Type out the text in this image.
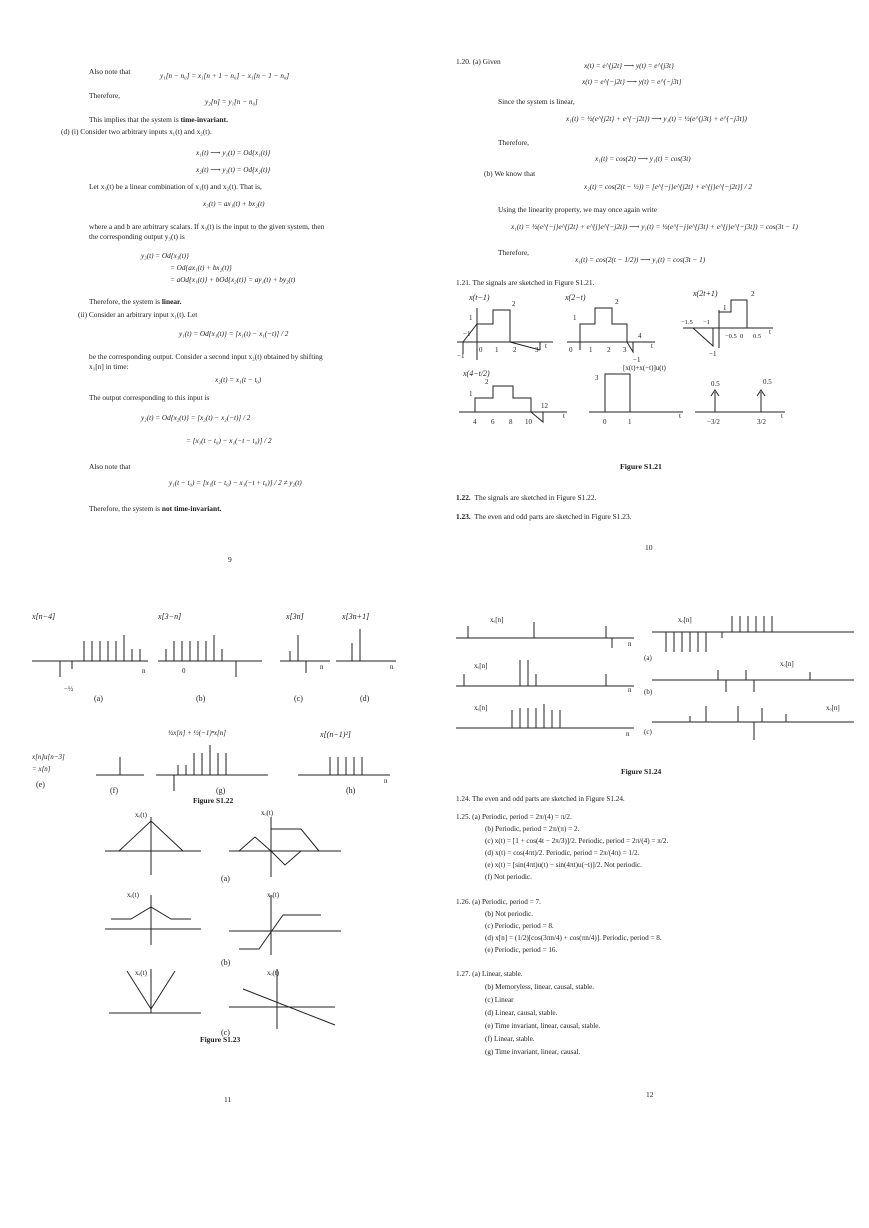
Also note that	y₁[n − n₀] = x₁[n + 1 − n₀] − x₁[n − 1 − n₀]
Therefore,
y₂[n] = y₁[n − n₀]
This implies that the system is time-invariant.
(d) (i) Consider two arbitrary inputs x₁(t) and x₂(t).
x₁(t) ⟶ y₁(t) = Od{x₁(t)}
x₂(t) ⟶ y₂(t) = Od{x₂(t)}
Let x₃(t) be a linear combination of x₁(t) and x₂(t). That is,
x₃(t) = ax₁(t) + bx₂(t)
where a and b are arbitrary scalars. If x₃(t) is the input to the given system, then
the corresponding output y₃(t) is
y₃(t) = Od{x₃(t)}
= Od{ax₁(t) + bx₂(t)}
= aOd{x₁(t)} + bOd{x₂(t)} = ay₁(t) + by₂(t)
Therefore, the system is linear.
(ii) Consider an arbitrary input x₁(t). Let
y₁(t) = Od{x₁(t)} = [x₁(t) − x₁(−t)] / 2
be the corresponding output. Consider a second input x₂(t) obtained by shifting
x₁[n] in time:
x₂(t) = x₁(t − t₀)
The output corresponding to this input is
y₂(t) = Od{x₂(t)} = [x₂(t) − x₂(−t)] / 2
= [x₁(t − t₀) − x₁(−t − t₀)] / 2
Also note that
y₁(t − t₀) = [x₁(t − t₀) − x₁(−t + t₀)] / 2 ≠ y₂(t)
Therefore, the system is not time-invariant.
9
1.20. (a) Given	x(t) = e^{j2t} ⟶ y(t) = e^{j3t}
x(t) = e^{−j2t} ⟶ y(t) = e^{−j3t}
Since the system is linear,
x₁(t) = ½(e^{j2t} + e^{−j2t}) ⟶ y₁(t) = ½(e^{j3t} + e^{−j3t})
Therefore,
x₁(t) = cos(2t) ⟶ y₁(t) = cos(3t)
(b) We know that
x₂(t) = cos(2(t − ½)) = [e^{−j}e^{j2t} + e^{j}e^{−j2t}] / 2
Using the linearity property, we may once again write
x₁(t) = ½(e^{−j}e^{j2t} + e^{j}e^{−j2t}) ⟶ y₁(t) = ½(e^{−j}e^{j3t} + e^{j}e^{−j3t}) = cos(3t − 1)
Therefore,
x₁(t) = cos(2(t − 1/2)) ⟶ y₁(t) = cos(3t − 1)
1.21. The signals are sketched in Figure S1.21.
x(t−1)
−1
0 1 2	3 t
2
1
−1
x(2−t)
0 1 2 3
4
t
2
1
−1
x(2t+1)
−1.5 −1
−0.5 0 0.5
t
2
1
−1
x(4−t/2)
4 6 8 10
12
t
2
1
[x(t)+x(−t)]u(t)
0	1
t
3
0.5	0.5
−3/2	3/2
t
Figure S1.21
1.22. The signals are sketched in Figure S1.22.
1.23. The even and odd parts are sketched in Figure S1.23.
10
x[n−4]
−½
n
(a)
x[3−n]
0
(b)
x[3n]
n
(c)
x[3n+1]
n
(d)
x[n]u[n−3]
= x[n]
(e)
(f)
½x[n] + ½(−1)ⁿx[n]
(g)
x[(n−1)²]
n
(h)
Figure S1.22
xₑ(t)	xₒ(t)
(a)
xₑ(t)	xₒ(t)
(b)
xₑ(t)	xₒ(t)
(c)
Figure S1.23
11
xₑ[n]
n
xₒ[n]
(a)
xₑ[n]
n
xₒ[n]
(b)
xₑ[n]
n
xₒ[n]
(c)
Figure S1.24
1.24. The even and odd parts are sketched in Figure S1.24.
1.25. (a) Periodic, period = 2π/(4) = π/2.
(b) Periodic, period = 2π/(π) = 2.
(c) x(t) = [1 + cos(4t − 2π/3)]/2. Periodic, period = 2π/(4) = π/2.
(d) x(t) = cos(4πt)/2. Periodic, period = 2π/(4π) = 1/2.
(e) x(t) = [sin(4πt)u(t) − sin(4πt)u(−t)]/2. Not periodic.
(f) Not periodic.
1.26. (a) Periodic, period = 7.
(b) Not periodic.
(c) Periodic, period = 8.
(d) x[n] = (1/2)[cos(3πn/4) + cos(πn/4)]. Periodic, period = 8.
(e) Periodic, period = 16.
1.27. (a) Linear, stable.
(b) Memoryless, linear, causal, stable.
(c) Linear
(d) Linear, causal, stable.
(e) Time invariant, linear, causal, stable.
(f) Linear, stable.
(g) Time invariant, linear, causal.
12
